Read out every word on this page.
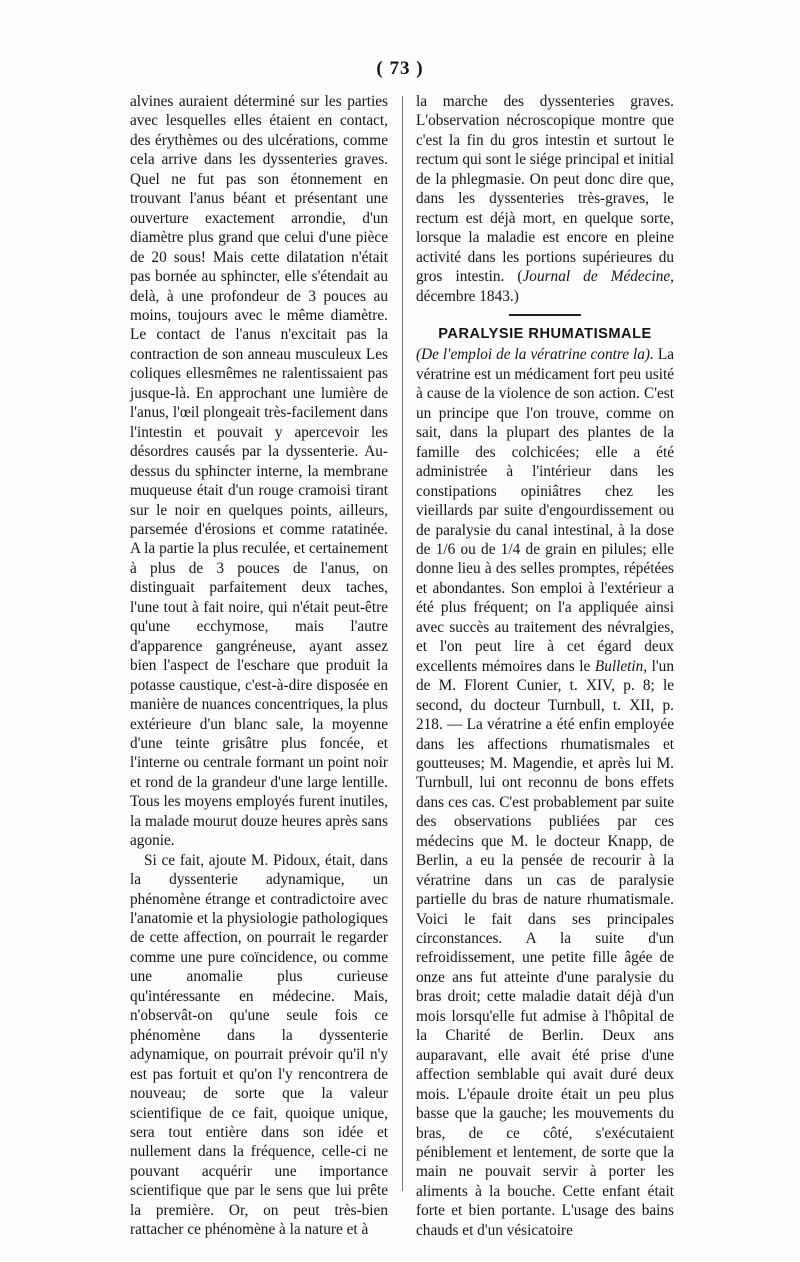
( 73 )

alvines auraient déterminé sur les parties avec lesquelles elles étaient en contact, des érythèmes ou des ulcérations, comme cela arrive dans les dyssenteries graves. Quel ne fut pas son étonnement en trouvant l'anus béant et présentant une ouverture exactement arrondie, d'un diamètre plus grand que celui d'une pièce de 20 sous! Mais cette dilatation n'était pas bornée au sphincter, elle s'étendait au delà, à une profondeur de 3 pouces au moins, toujours avec le même diamètre. Le contact de l'anus n'excitait pas la contraction de son anneau musculeux Les coliques ellesmêmes ne ralentissaient pas jusque-là. En approchant une lumière de l'anus, l'œil plongeait très-facilement dans l'intestin et pouvait y apercevoir les désordres causés par la dyssenterie. Au-dessus du sphincter interne, la membrane muqueuse était d'un rouge cramoisi tirant sur le noir en quelques points, ailleurs, parsemée d'érosions et comme ratatinée. A la partie la plus reculée, et certainement à plus de 3 pouces de l'anus, on distinguait parfaitement deux taches, l'une tout à fait noire, qui n'était peut-être qu'une ecchymose, mais l'autre d'apparence gangréneuse, ayant assez bien l'aspect de l'eschare que produit la potasse caustique, c'est-à-dire disposée en manière de nuances concentriques, la plus extérieure d'un blanc sale, la moyenne d'une teinte grisâtre plus foncée, et l'interne ou centrale formant un point noir et rond de la grandeur d'une large lentille. Tous les moyens employés furent inutiles, la malade mourut douze heures après sans agonie.

Si ce fait, ajoute M. Pidoux, était, dans la dyssenterie adynamique, un phénomène étrange et contradictoire avec l'anatomie et la physiologie pathologiques de cette affection, on pourrait le regarder comme une pure coïncidence, ou comme une anomalie plus curieuse qu'intéressante en médecine. Mais, n'observât-on qu'une seule fois ce phénomène dans la dyssenterie adynamique, on pourrait prévoir qu'il n'y est pas fortuit et qu'on l'y rencontrera de nouveau; de sorte que la valeur scientifique de ce fait, quoique unique, sera tout entière dans son idée et nullement dans la fréquence, celle-ci ne pouvant acquérir une importance scientifique que par le sens que lui prête la première. Or, on peut très-bien rattacher ce phénomène à la nature et à

la marche des dyssenteries graves. L'observation nécroscopique montre que c'est la fin du gros intestin et surtout le rectum qui sont le siége principal et initial de la phlegmasie. On peut donc dire que, dans les dyssenteries très-graves, le rectum est déjà mort, en quelque sorte, lorsque la maladie est encore en pleine activité dans les portions supérieures du gros intestin. (Journal de Médecine, décembre 1843.)

PARALYSIE RHUMATISMALE

(De l'emploi de la vératrine contre la). La vératrine est un médicament fort peu usité à cause de la violence de son action. C'est un principe que l'on trouve, comme on sait, dans la plupart des plantes de la famille des colchicées; elle a été administrée à l'intérieur dans les constipations opiniâtres chez les vieillards par suite d'engourdissement ou de paralysie du canal intestinal, à la dose de 1/6 ou de 1/4 de grain en pilules; elle donne lieu à des selles promptes, répétées et abondantes. Son emploi à l'extérieur a été plus fréquent; on l'a appliquée ainsi avec succès au traitement des névralgies, et l'on peut lire à cet égard deux excellents mémoires dans le Bulletin, l'un de M. Florent Cunier, t. XIV, p. 8; le second, du docteur Turnbull, t. XII, p. 218. — La vératrine a été enfin employée dans les affections rhumatismales et goutteuses; M. Magendie, et après lui M. Turnbull, lui ont reconnu de bons effets dans ces cas. C'est probablement par suite des observations publiées par ces médecins que M. le docteur Knapp, de Berlin, a eu la pensée de recourir à la vératrine dans un cas de paralysie partielle du bras de nature rhumatismale. Voici le fait dans ses principales circonstances. A la suite d'un refroidissement, une petite fille âgée de onze ans fut atteinte d'une paralysie du bras droit; cette maladie datait déjà d'un mois lorsqu'elle fut admise à l'hôpital de la Charité de Berlin. Deux ans auparavant, elle avait été prise d'une affection semblable qui avait duré deux mois. L'épaule droite était un peu plus basse que la gauche; les mouvements du bras, de ce côté, s'exécutaient péniblement et lentement, de sorte que la main ne pouvait servir à porter les aliments à la bouche. Cette enfant était forte et bien portante. L'usage des bains chauds et d'un vésicatoire
